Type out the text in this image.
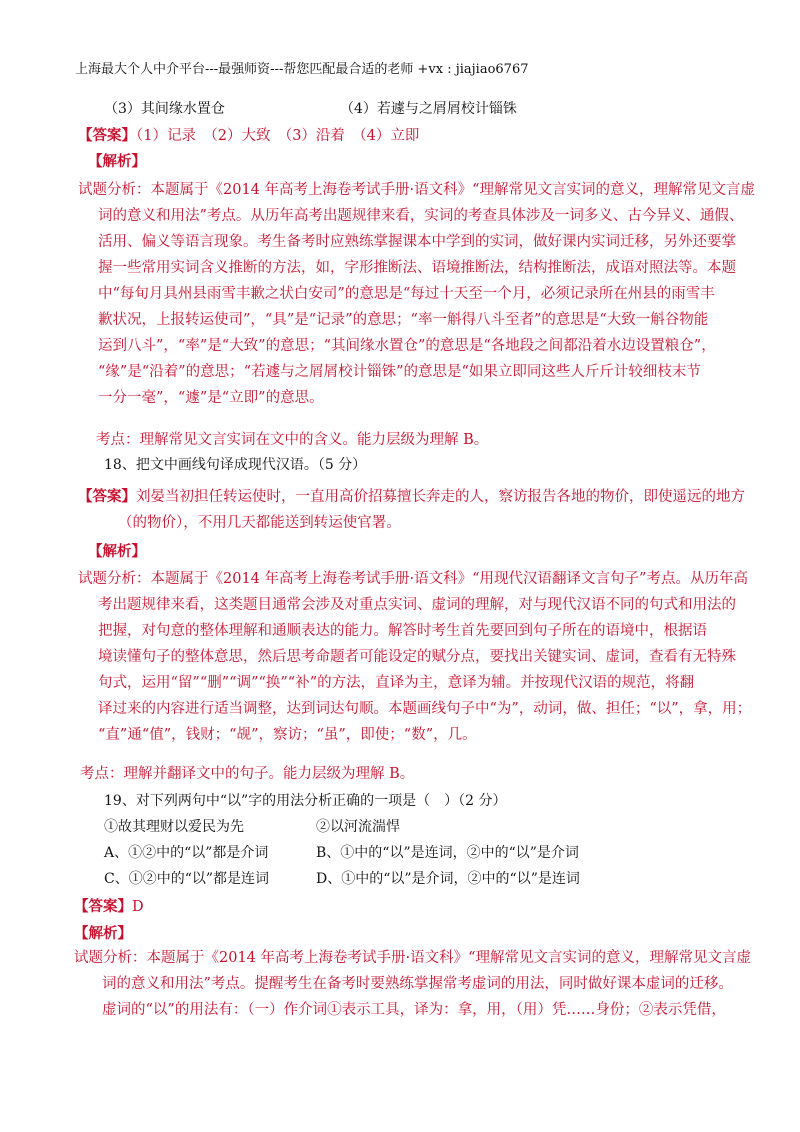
上海最大个人中介平台---最强师资---帮您匹配最合适的老师 +vx : jiajiao6767
（3）其间缘水置仓	（4）若遽与之屑屑校计锱铢
【答案】（1）记录　（2）大致　（3）沿着　（4）立即
【解析】
试题分析：本题属于《2014 年高考上海卷考试手册·语文科》“理解常见文言实词的意义，理解常见文言虚
词的意义和用法”考点。从历年高考出题规律来看，实词的考查具体涉及一词多义、古今异义、通假、
活用、偏义等语言现象。考生备考时应熟练掌握课本中学到的实词，做好课内实词迁移，另外还要掌
握一些常用实词含义推断的方法，如，字形推断法、语境推断法，结构推断法，成语对照法等。本题
中“每旬月具州县雨雪丰歉之状白安司”的意思是“每过十天至一个月，必须记录所在州县的雨雪丰
歉状况，上报转运使司”，“具”是“记录”的意思；“率一斛得八斗至者”的意思是“大致一斛谷物能
运到八斗”，“率”是“大致”的意思；“其间缘水置仓”的意思是“各地段之间都沿着水边设置粮仓”，
“缘”是“沿着”的意思；“若遽与之屑屑校计锱铢”的意思是“如果立即同这些人斤斤计较细枝末节
一分一毫”，“遽”是“立即”的意思。
考点：理解常见文言实词在文中的含义。能力层级为理解 B。
18、把文中画线句译成现代汉语。（5 分）
【答案】刘晏当初担任转运使时，一直用高价招募擅长奔走的人，察访报告各地的物价，即使遥远的地方
（的物价），不用几天都能送到转运使官署。
【解析】
试题分析：本题属于《2014 年高考上海卷考试手册·语文科》“用现代汉语翻译文言句子”考点。从历年高
考出题规律来看，这类题目通常会涉及对重点实词、虚词的理解，对与现代汉语不同的句式和用法的
把握，对句意的整体理解和通顺表达的能力。解答时考生首先要回到句子所在的语境中，根据语
境读懂句子的整体意思，然后思考命题者可能设定的赋分点，要找出关键实词、虚词，查看有无特殊
句式，运用“留”“删”“调”“换”“补”的方法，直译为主，意译为辅。并按现代汉语的规范，将翻
译过来的内容进行适当调整，达到词达句顺。本题画线句子中“为”，动词，做、担任；“以”，拿，用；
“直”通“值”，钱财；“觇”，察访；“虽”，即使；“数”，几。
考点：理解并翻译文中的句子。能力层级为理解 B。
19、对下列两句中“以”字的用法分析正确的一项是（　）（2 分）
①故其理财以爱民为先	②以河流湍悍
A、①②中的“以”都是介词	B、①中的“以”是连词，②中的“以”是介词
C、①②中的“以”都是连词	D、①中的“以”是介词，②中的“以”是连词
【答案】D
【解析】
试题分析：本题属于《2014 年高考上海卷考试手册·语文科》“理解常见文言实词的意义，理解常见文言虚
词的意义和用法”考点。提醒考生在备考时要熟练掌握常考虚词的用法，同时做好课本虚词的迁移。
虚词的“以”的用法有：（一）作介词①表示工具，译为：拿，用，（用）凭……身份；②表示凭借，
